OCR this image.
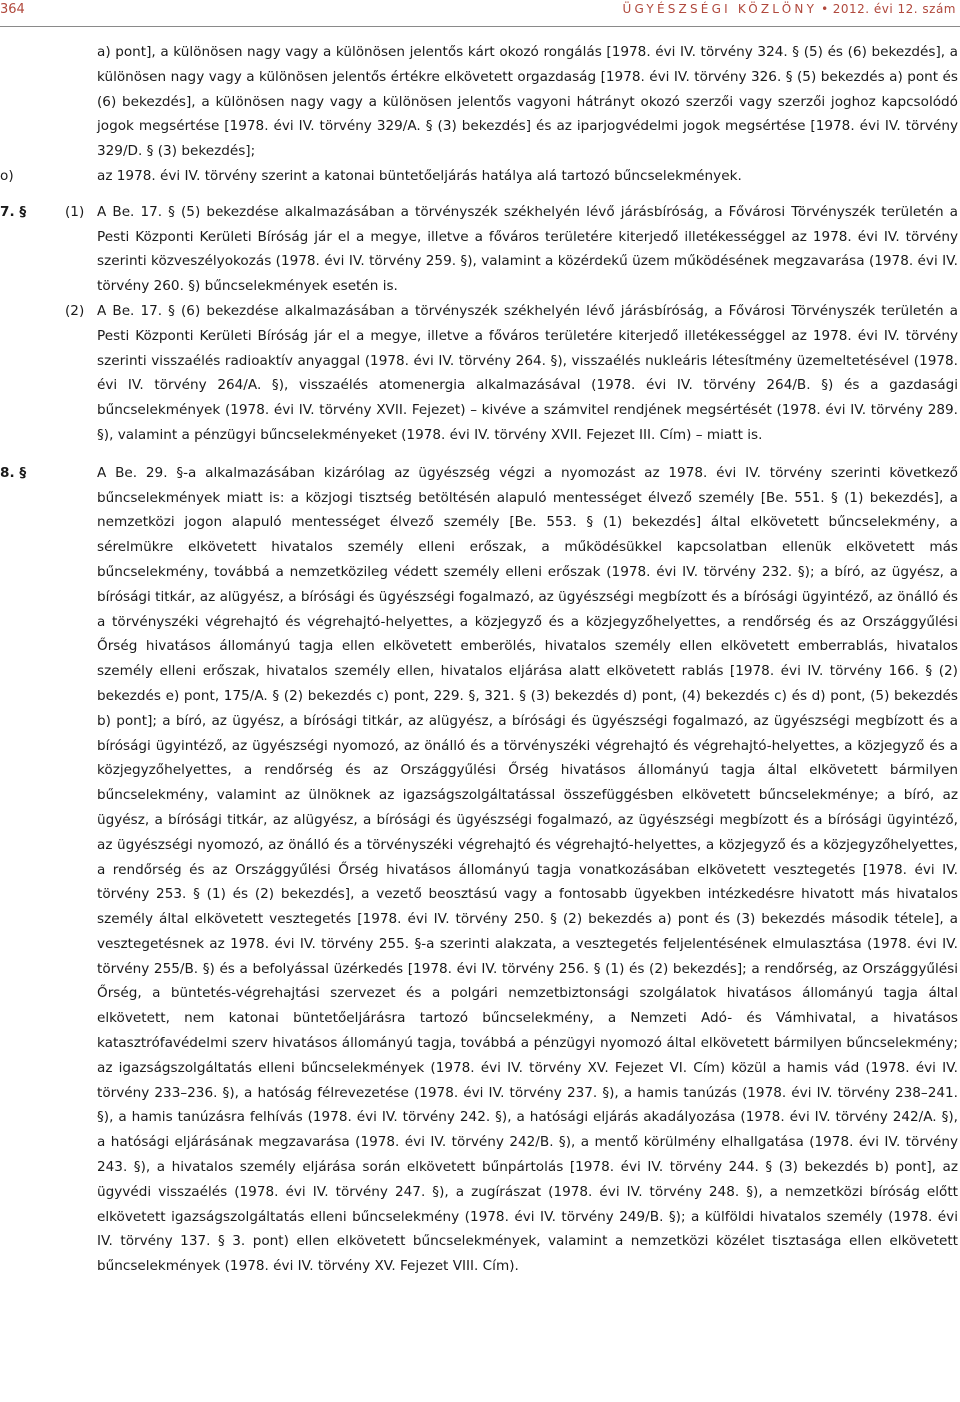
364	ÜGYÉSZSÉGI KÖZLÖNY • 2012. évi 12. szám
a) pont], a különösen nagy vagy a különösen jelentős kárt okozó rongálás [1978. évi IV. törvény 324. § (5) és (6) bekezdés], a különösen nagy vagy a különösen jelentős értékre elkövetett orgazdaság [1978. évi IV. törvény 326. § (5) bekezdés a) pont és (6) bekezdés], a különösen nagy vagy a különösen jelentős vagyoni hátrányt okozó szerzői vagy szerzői joghoz kapcsolódó jogok megsértése [1978. évi IV. törvény 329/A. § (3) bekezdés] és az iparjogvédelmi jogok megsértése [1978. évi IV. törvény 329/D. § (3) bekezdés];
o)	az 1978. évi IV. törvény szerint a katonai büntetőeljárás hatálya alá tartozó bűncselekmények.
7. §	(1) A Be. 17. § (5) bekezdése alkalmazásában a törvényszék székhelyén lévő járásbíróság, a Fővárosi Törvényszék területén a Pesti Központi Kerületi Bíróság jár el a megye, illetve a főváros területére kiterjedő illetékességgel az 1978. évi IV. törvény szerinti közveszélyokozás (1978. évi IV. törvény 259. §), valamint a közérdekű üzem működésének megzavarása (1978. évi IV. törvény 260. §) bűncselekmények esetén is.
(2) A Be. 17. § (6) bekezdése alkalmazásában a törvényszék székhelyén lévő járásbíróság, a Fővárosi Törvényszék területén a Pesti Központi Kerületi Bíróság jár el a megye, illetve a főváros területére kiterjedő illetékességgel az 1978. évi IV. törvény szerinti visszaélés radioaktív anyaggal (1978. évi IV. törvény 264. §), visszaélés nukleáris létesítmény üzemeltetésével (1978. évi IV. törvény 264/A. §), visszaélés atomenergia alkalmazásával (1978. évi IV. törvény 264/B. §) és a gazdasági bűncselekmények (1978. évi IV. törvény XVII. Fejezet) – kivéve a számvitel rendjének megsértését (1978. évi IV. törvény 289. §), valamint a pénzügyi bűncselekményeket (1978. évi IV. törvény XVII. Fejezet III. Cím) – miatt is.
8. §	A Be. 29. §-a alkalmazásában kizárólag az ügyészség végzi a nyomozást az 1978. évi IV. törvény szerinti következő bűncselekmények miatt is: a közjogi tisztség betöltésén alapuló mentességet élvező személy [Be. 551. § (1) bekezdés], a nemzetközi jogon alapuló mentességet élvező személy [Be. 553. § (1) bekezdés] által elkövetett bűncselekmény, a sérelmükre elkövetett hivatalos személy elleni erőszak, a működésükkel kapcsolatban ellenük elkövetett más bűncselekmény, továbbá a nemzetközileg védett személy elleni erőszak (1978. évi IV. törvény 232. §); a bíró, az ügyész, a bírósági titkár, az alügyész, a bírósági és ügyészségi fogalmazó, az ügyészségi megbízott és a bírósági ügyintéző, az önálló és a törvényszéki végrehajtó és végrehajtó-helyettes, a közjegyző és a közjegyzőhelyettes, a rendőrség és az Országgyűlési Őrség hivatásos állományú tagja ellen elkövetett emberölés, hivatalos személy ellen elkövetett emberrablás, hivatalos személy elleni erőszak, hivatalos személy ellen, hivatalos eljárása alatt elkövetett rablás [1978. évi IV. törvény 166. § (2) bekezdés e) pont, 175/A. § (2) bekezdés c) pont, 229. §, 321. § (3) bekezdés d) pont, (4) bekezdés c) és d) pont, (5) bekezdés b) pont]; a bíró, az ügyész, a bírósági titkár, az alügyész, a bírósági és ügyészségi fogalmazó, az ügyészségi megbízott és a bírósági ügyintéző, az ügyészségi nyomozó, az önálló és a törvényszéki végrehajtó és végrehajtó-helyettes, a közjegyző és a közjegyzőhelyettes, a rendőrség és az Országgyűlési Őrség hivatásos állományú tagja által elkövetett bármilyen bűncselekmény, valamint az ülnöknek az igazságszolgáltatással összefüggésben elkövetett bűncselekménye; a bíró, az ügyész, a bírósági titkár, az alügyész, a bírósági és ügyészségi fogalmazó, az ügyészségi megbízott és a bírósági ügyintéző, az ügyészségi nyomozó, az önálló és a törvényszéki végrehajtó és végrehajtó-helyettes, a közjegyző és a közjegyzőhelyettes, a rendőrség és az Országgyűlési Őrség hivatásos állományú tagja vonatkozásában elkövetett vesztegetés [1978. évi IV. törvény 253. § (1) és (2) bekezdés], a vezető beosztású vagy a fontosabb ügyekben intézkedésre hivatott más hivatalos személy által elkövetett vesztegetés [1978. évi IV. törvény 250. § (2) bekezdés a) pont és (3) bekezdés második tétele], a vesztegetésnek az 1978. évi IV. törvény 255. §-a szerinti alakzata, a vesztegetés feljelentésének elmulasztása (1978. évi IV. törvény 255/B. §) és a befolyással üzérkedés [1978. évi IV. törvény 256. § (1) és (2) bekezdés]; a rendőrség, az Országgyűlési Őrség, a büntetés-végrehajtási szervezet és a polgári nemzetbiztonsági szolgálatok hivatásos állományú tagja által elkövetett, nem katonai büntetőeljárásra tartozó bűncselekmény, a Nemzeti Adó- és Vámhivatal, a hivatásos katasztrófavédelmi szerv hivatásos állományú tagja, továbbá a pénzügyi nyomozó által elkövetett bármilyen bűncselekmény; az igazságszolgáltatás elleni bűncselekmények (1978. évi IV. törvény XV. Fejezet VI. Cím) közül a hamis vád (1978. évi IV. törvény 233–236. §), a hatóság félrevezetése (1978. évi IV. törvény 237. §), a hamis tanúzás (1978. évi IV. törvény 238–241. §), a hamis tanúzásra felhívás (1978. évi IV. törvény 242. §), a hatósági eljárás akadályozása (1978. évi IV. törvény 242/A. §), a hatósági eljárásának megzavarása (1978. évi IV. törvény 242/B. §), a mentő körülmény elhallgatása (1978. évi IV. törvény 243. §), a hivatalos személy eljárása során elkövetett bűnpártolás [1978. évi IV. törvény 244. § (3) bekezdés b) pont], az ügyvédi visszaélés (1978. évi IV. törvény 247. §), a zugírászat (1978. évi IV. törvény 248. §), a nemzetközi bíróság előtt elkövetett igazságszolgáltatás elleni bűncselekmény (1978. évi IV. törvény 249/B. §); a külföldi hivatalos személy (1978. évi IV. törvény 137. § 3. pont) ellen elkövetett bűncselekmények, valamint a nemzetközi közélet tisztasága ellen elkövetett bűncselekmények (1978. évi IV. törvény XV. Fejezet VIII. Cím).
